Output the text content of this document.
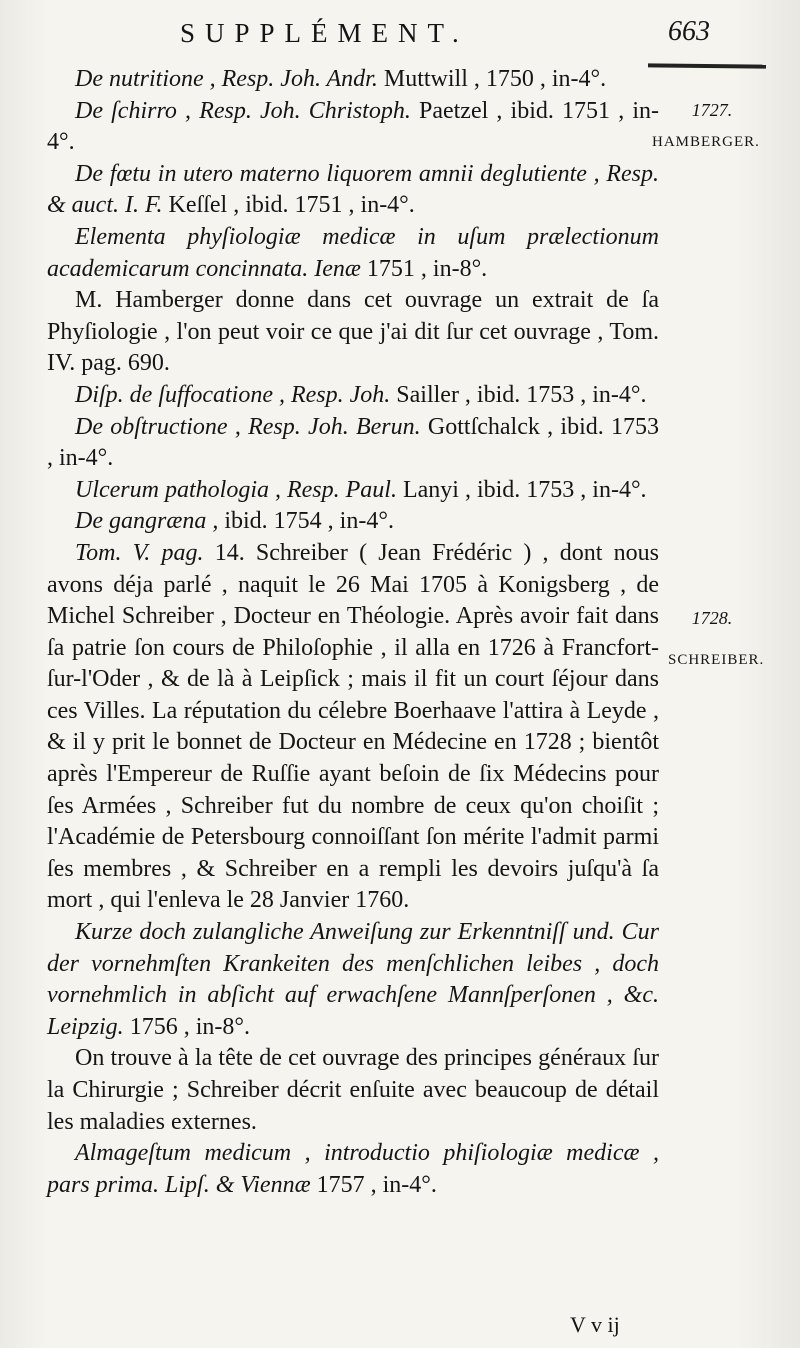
SUPPLÉMENT.	663

De nutritione , Resp. Joh. Andr. Muttwill , 1750 , in-4°.

De ſchirro , Resp. Joh. Christoph. Paetzel , ibid. 1751 , in-4°.

De fœtu in utero materno liquorem amnii deglutiente , Resp. & auct. I. F. Keſſel , ibid. 1751 , in-4°.

Elementa phyſiologiæ medicæ in uſum prælectionum academicarum concinnata. Ienæ 1751 , in-8°.

M. Hamberger donne dans cet ouvrage un extrait de ſa Phyſiologie , l'on peut voir ce que j'ai dit ſur cet ouvrage , Tom. IV. pag. 690.

Diſp. de ſuffocatione , Resp. Joh. Sailler , ibid. 1753 , in-4°.

De obſtructione , Resp. Joh. Berun. Gottſchalck , ibid. 1753 , in-4°.

Ulcerum pathologia , Resp. Paul. Lanyi , ibid. 1753 , in-4°.

De gangræna , ibid. 1754 , in-4°.

Tom. V. pag. 14. Schreiber ( Jean Frédéric ) , dont nous avons déja parlé , naquit le 26 Mai 1705 à Konigsberg , de Michel Schreiber , Docteur en Théologie. Après avoir fait dans ſa patrie ſon cours de Philoſophie , il alla en 1726 à Francfort-ſur-l'Oder , & de là à Leipſick ; mais il fit un court ſéjour dans ces Villes. La réputation du célebre Boerhaave l'attira à Leyde , & il y prit le bonnet de Docteur en Médecine en 1728 ; bientôt après l'Empereur de Ruſſie ayant beſoin de ſix Médecins pour ſes Armées , Schreiber fut du nombre de ceux qu'on choiſit ; l'Académie de Petersbourg connoiſſant ſon mérite l'admit parmi ſes membres , & Schreiber en a rempli les devoirs juſqu'à ſa mort , qui l'enleva le 28 Janvier 1760.

Kurze doch zulangliche Anweiſung zur Erkenntniſſ und. Cur der vornehmſten Krankeiten des menſchlichen leibes , doch vornehmlich in abſicht auf erwachſene Mannſperſonen , &c. Leipzig. 1756 , in-8°.

On trouve à la tête de cet ouvrage des principes généraux ſur la Chirurgie ; Schreiber décrit enſuite avec beaucoup de détail les maladies externes.

Almageſtum medicum , introductio phiſiologiæ medicæ , pars prima. Lipſ. & Viennæ 1757 , in-4°.

1727.
HAMBERGER.
1728.
SCHREIBER.
V v ij
